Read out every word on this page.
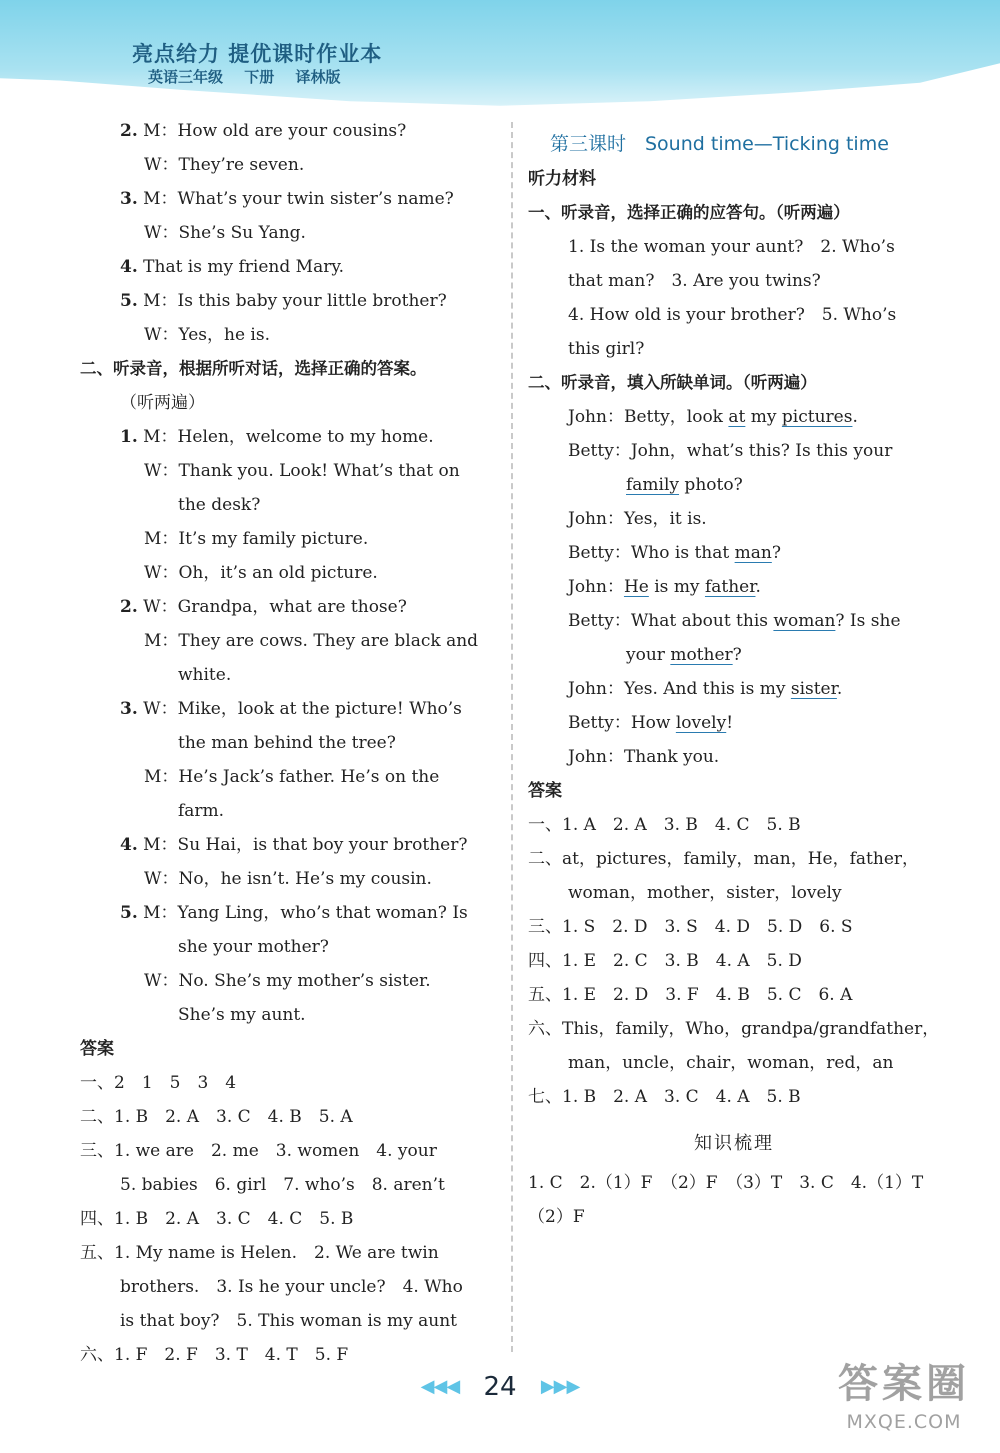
亮点给力 提优课时作业本
英语三年级 下册 译林版
2. M：How old are your cousins?
W：They’re seven.
3. M：What’s your twin sister’s name?
W：She’s Su Yang.
4. That is my friend Mary.
5. M：Is this baby your little brother?
W：Yes，he is.
二、听录音，根据所听对话，选择正确的答案。
（听两遍）
1. M：Helen，welcome to my home.
W：Thank you. Look! What’s that on
the desk?
M：It’s my family picture.
W：Oh，it’s an old picture.
2. W：Grandpa，what are those?
M：They are cows. They are black and
white.
3. W：Mike，look at the picture! Who’s
the man behind the tree?
M：He’s Jack’s father. He’s on the
farm.
4. M：Su Hai，is that boy your brother?
W：No，he isn’t. He’s my cousin.
5. M：Yang Ling，who’s that woman? Is
she your mother?
W：No. She’s my mother’s sister.
She’s my aunt.
答案
一、2　1　5　3　4
二、1. B　2. A　3. C　4. B　5. A
三、1. we are　2. me　3. women　4. your
5. babies　6. girl　7. who’s　8. aren’t
四、1. B　2. A　3. C　4. C　5. B
五、1. My name is Helen.　2. We are twin
brothers.　3. Is he your uncle?　4. Who
is that boy?　5. This woman is my aunt
六、1. F　2. F　3. T　4. T　5. F
第三课时　Sound time—Ticking time
听力材料
一、听录音，选择正确的应答句。（听两遍）
1. Is the woman your aunt?　2. Who’s
that man?　3. Are you twins?
4. How old is your brother?　5. Who’s
this girl?
二、听录音，填入所缺单词。（听两遍）
John：Betty，look at my pictures.
Betty：John，what’s this? Is this your
family photo?
John：Yes，it is.
Betty：Who is that man?
John：He is my father.
Betty：What about this woman? Is she
your mother?
John：Yes. And this is my sister.
Betty：How lovely!
John：Thank you.
答案
一、1. A　2. A　3. B　4. C　5. B
二、at，pictures，family，man，He，father，
woman，mother，sister，lovely
三、1. S　2. D　3. S　4. D　5. D　6. S
四、1. E　2. C　3. B　4. A　5. D
五、1. E　2. D　3. F　4. B　5. C　6. A
六、This，family，Who，grandpa/grandfather，
man，uncle，chair，woman，red，an
七、1. B　2. A　3. C　4. A　5. B
知识梳理
1. C　2.（1）F　（2）F　（3）T　3. C　4.（1）T
（2）F
◀◀◀ 24 ▶▶▶	答案圈
MXQE.COM
